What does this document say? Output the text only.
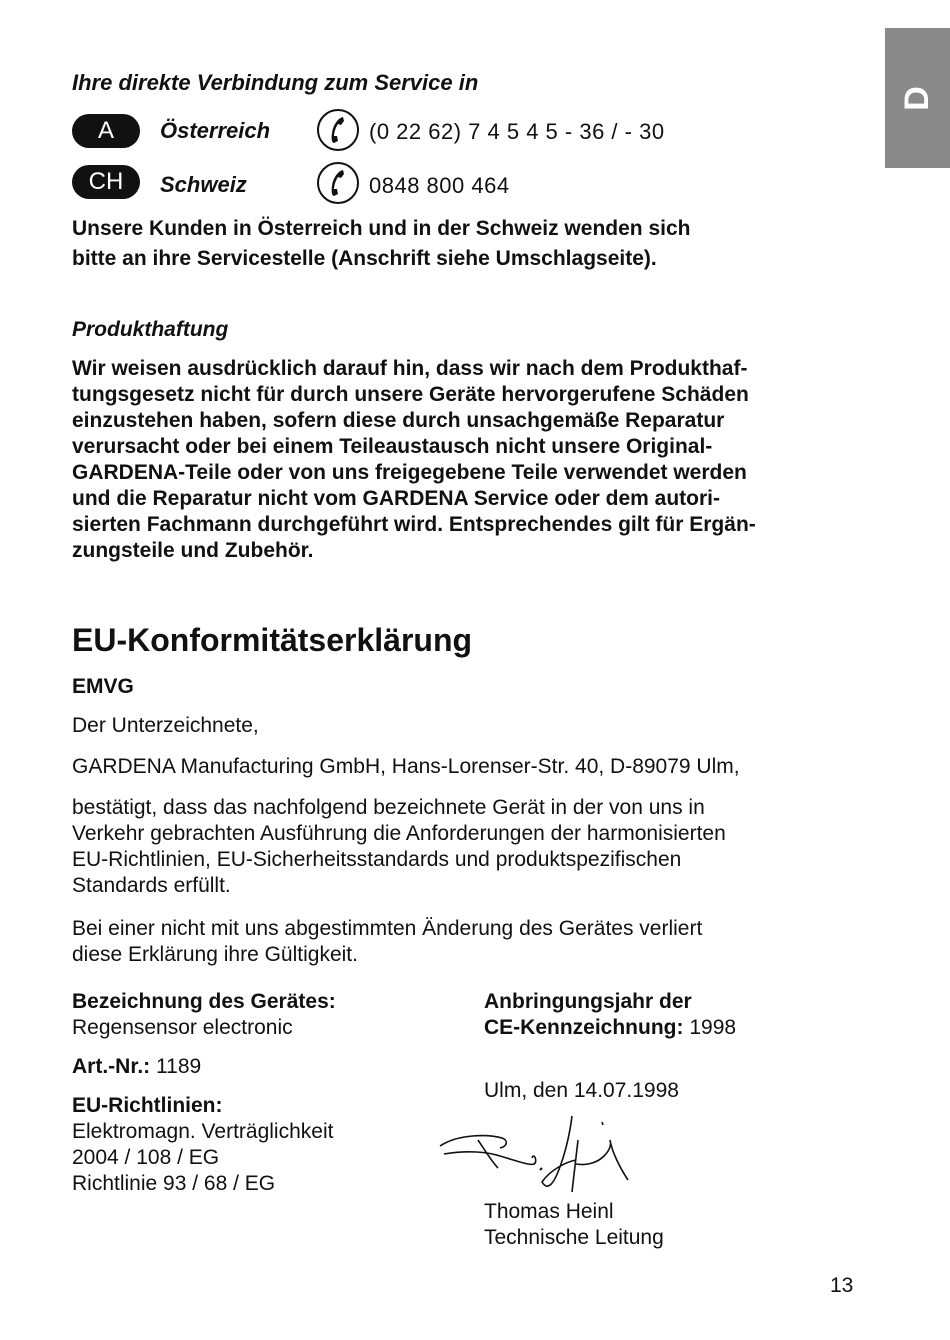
D
Ihre direkte Verbindung zum Service in
A Österreich	(0 22 62) 7 4 5 4 5 - 36 / - 30
CH Schweiz	0848 800 464
Unsere Kunden in Österreich und in der Schweiz wenden sich
bitte an ihre Servicestelle (Anschrift siehe Umschlagseite).
Produkthaftung
Wir weisen ausdrücklich darauf hin, dass wir nach dem Produkthaf-
tungsgesetz nicht für durch unsere Geräte hervorgerufene Schäden
einzustehen haben, sofern diese durch unsachgemäße Reparatur
verursacht oder bei einem Teileaustausch nicht unsere Original-
GARDENA-Teile oder von uns freigegebene Teile verwendet werden
und die Reparatur nicht vom GARDENA Service oder dem autori-
sierten Fachmann durchgeführt wird. Entsprechendes gilt für Ergän-
zungsteile und Zubehör.
EU-Konformitätserklärung
EMVG
Der Unterzeichnete,
GARDENA Manufacturing GmbH, Hans-Lorenser-Str. 40, D-89079 Ulm,
bestätigt, dass das nachfolgend bezeichnete Gerät in der von uns in
Verkehr gebrachten Ausführung die Anforderungen der harmonisierten
EU-Richtlinien, EU-Sicherheitsstandards und produktspezifischen
Standards erfüllt.
Bei einer nicht mit uns abgestimmten Änderung des Gerätes verliert
diese Erklärung ihre Gültigkeit.
Bezeichnung des Gerätes:
Regensensor electronic
Art.-Nr.: 1189
EU-Richtlinien:
Elektromagn. Verträglichkeit
2004 / 108 / EG
Richtlinie 93 / 68 / EG
Anbringungsjahr der
CE-Kennzeichnung: 1998
Ulm, den 14.07.1998
Thomas Heinl
Technische Leitung
13
